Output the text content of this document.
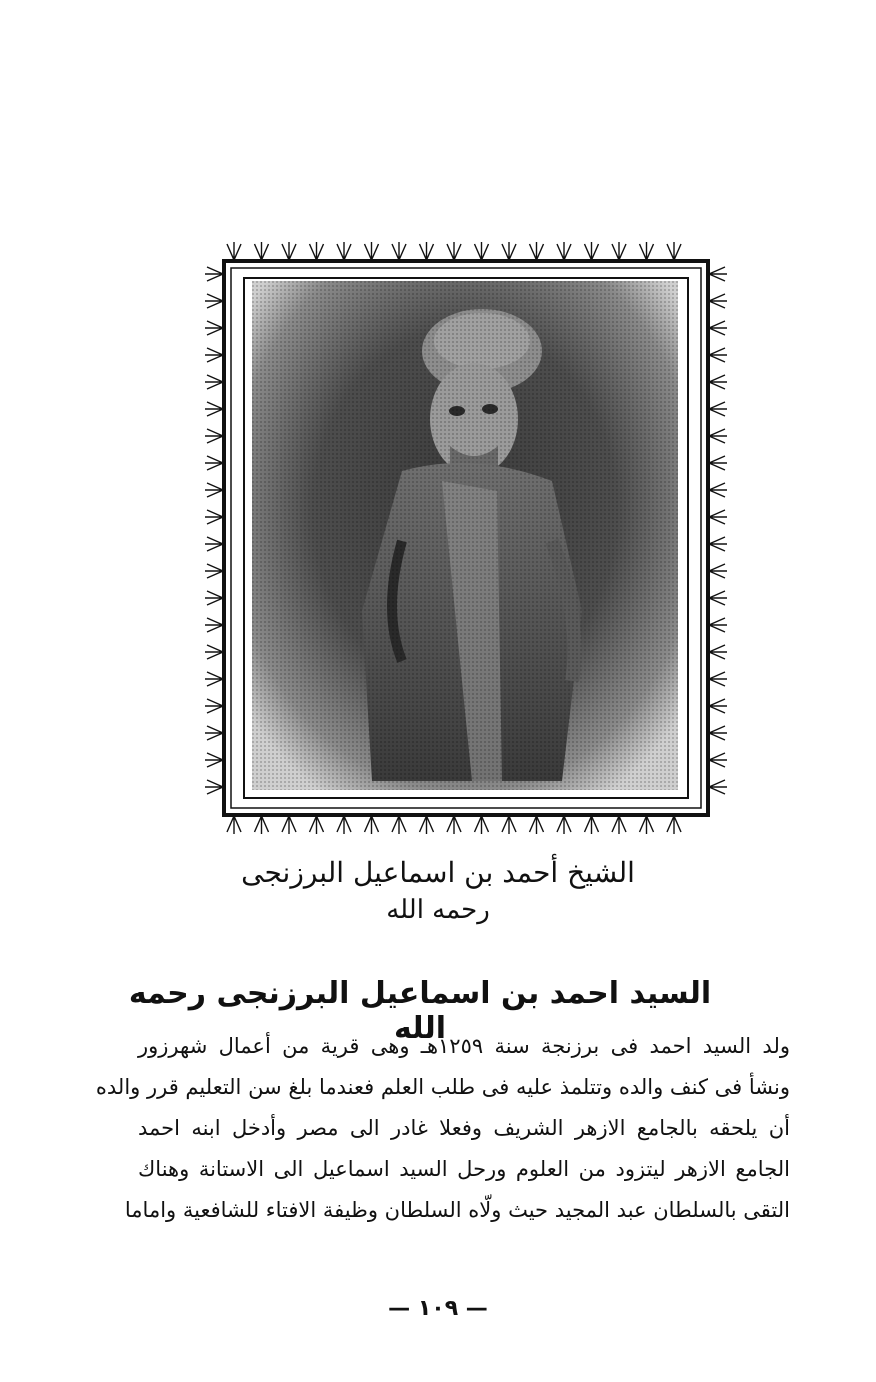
الشيخ أحمد بن اسماعيل البرزنجى
رحمه الله
السيد احمد بن اسماعيل البرزنجى رحمه الله
ولد السيد احمد فى برزنجة سنة ١٢٥٩هـ وهى قرية من أعمال شهرزور
ونشأ فى كنف والده وتتلمذ عليه فى طلب العلم فعندما بلغ سن التعليم قرر والده
أن يلحقه بالجامع الازهر الشريف وفعلا غادر الى مصر وأدخل ابنه احمد
الجامع الازهر ليتزود من العلوم ورحل السيد اسماعيل الى الاستانة وهناك
التقى بالسلطان عبد المجيد حيث ولّاه السلطان وظيفة الافتاء للشافعية واماما
— ١٠٩ —
